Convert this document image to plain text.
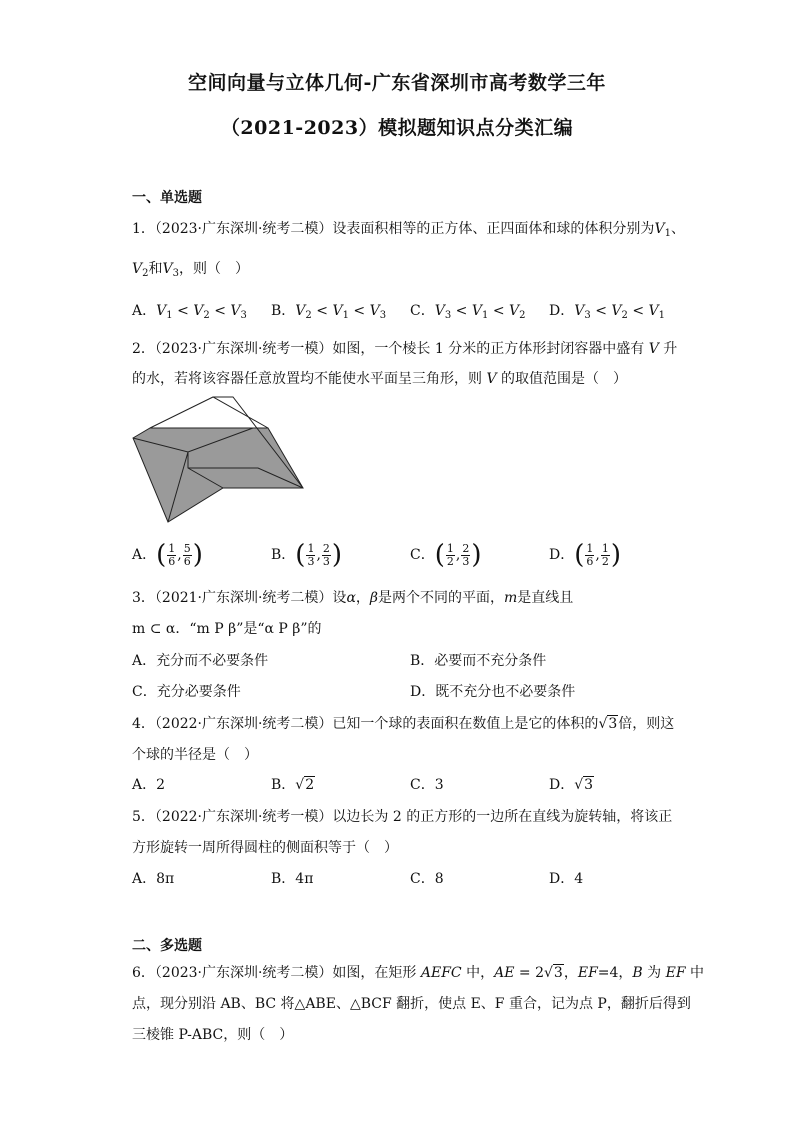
空间向量与立体几何-广东省深圳市高考数学三年
（2021-2023）模拟题知识点分类汇编
一、单选题
1．（2023·广东深圳·统考二模）设表面积相等的正方体、正四面体和球的体积分别为$V_1$、
$V_2$和$V_3$，则（　）
A．$V_1 < V_2 < V_3$ B．$V_2 < V_1 < V_3$ C．$V_3 < V_1 < V_2$ D．$V_3 < V_2 < V_1$
2．（2023·广东深圳·统考一模）如图，一个棱长 1 分米的正方体形封闭容器中盛有 V 升
的水，若将该容器任意放置均不能使水平面呈三角形，则 V 的取值范围是（　）
A．( $\frac{1}{6}$ , $\frac{5}{6}$ )	B．( $\frac{1}{3}$ , $\frac{2}{3}$ )	C．( $\frac{1}{2}$ , $\frac{2}{3}$ )	D．( $\frac{1}{6}$ , $\frac{1}{2}$ )
3．（2021·广东深圳·统考二模）设α，β是两个不同的平面，m是直线且
m ⊂ α．“m P β”是“α P β”的
A．充分而不必要条件	B．必要而不充分条件
C．充分必要条件	D．既不充分也不必要条件
4．（2022·广东深圳·统考二模）已知一个球的表面积在数值上是它的体积的√3倍，则这
个球的半径是（　）
A．2	B．√2	C．3	D．√3
5．（2022·广东深圳·统考一模）以边长为 2 的正方形的一边所在直线为旋转轴，将该正
方形旋转一周所得圆柱的侧面积等于（　）
A．8π	B．4π	C．8	D．4
二、多选题
6．（2023·广东深圳·统考二模）如图，在矩形 AEFC 中，AE = 2√3，EF=4，B 为 EF 中
点，现分别沿 AB、BC 将△ABE、△BCF 翻折，使点 E、F 重合，记为点 P，翻折后得到
三棱锥 P-ABC，则（　）
